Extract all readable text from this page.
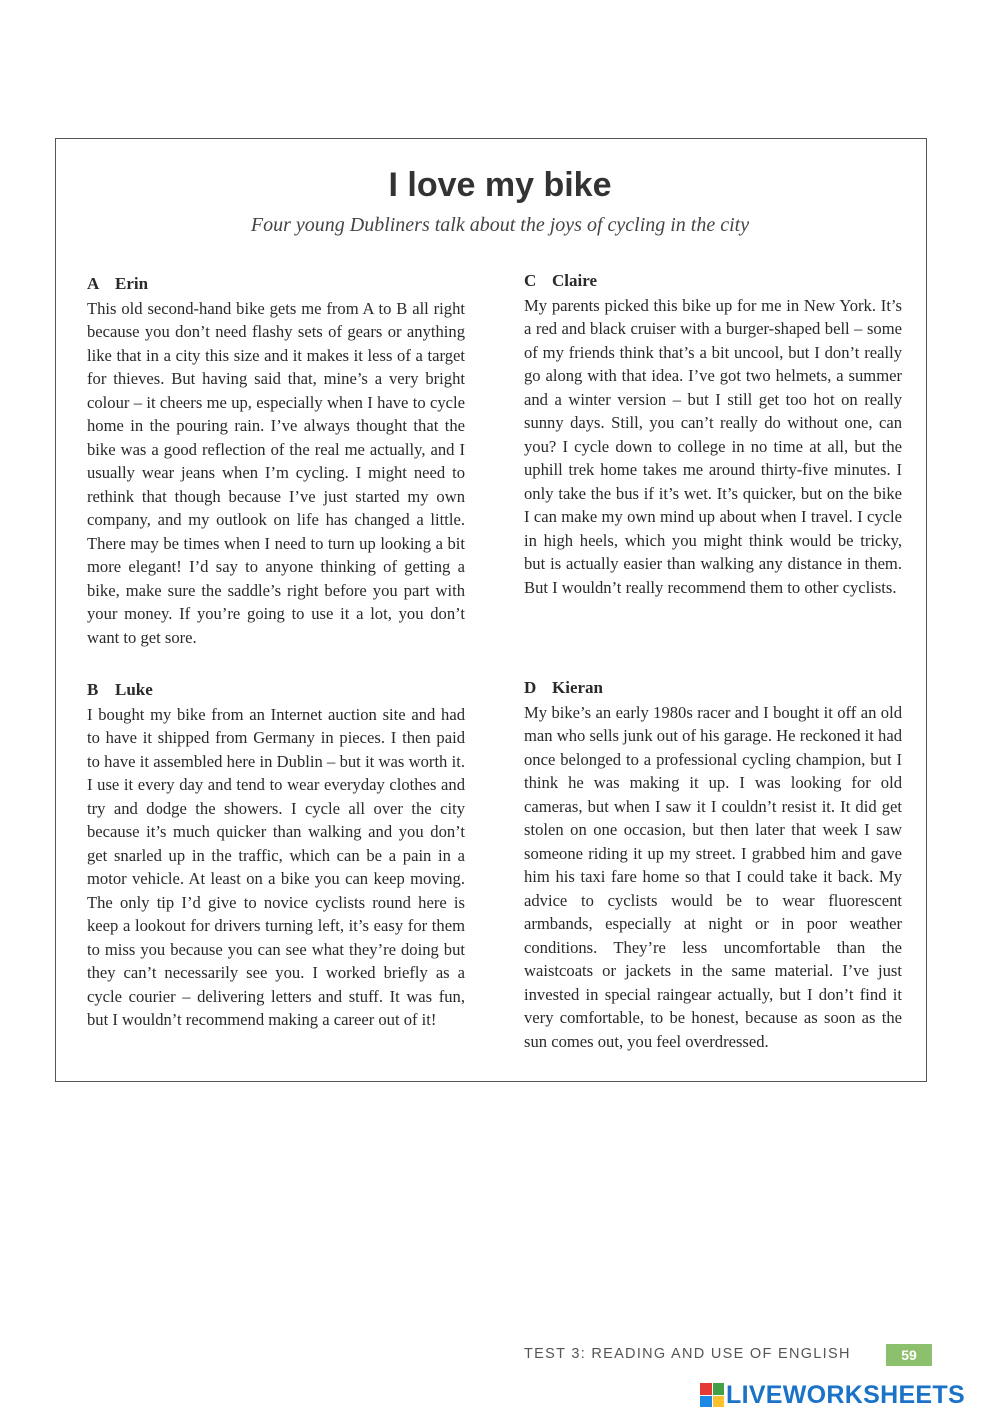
I love my bike
Four young Dubliners talk about the joys of cycling in the city
A Erin

This old second-hand bike gets me from A to B all right because you don’t need flashy sets of gears or anything like that in a city this size and it makes it less of a target for thieves. But having said that, mine’s a very bright colour – it cheers me up, especially when I have to cycle home in the pouring rain. I’ve always thought that the bike was a good reflection of the real me actually, and I usually wear jeans when I’m cycling. I might need to rethink that though because I’ve just started my own company, and my outlook on life has changed a little. There may be times when I need to turn up looking a bit more elegant! I’d say to anyone thinking of getting a bike, make sure the saddle’s right before you part with your money. If you’re going to use it a lot, you don’t want to get sore.

B Luke

I bought my bike from an Internet auction site and had to have it shipped from Germany in pieces. I then paid to have it assembled here in Dublin – but it was worth it. I use it every day and tend to wear everyday clothes and try and dodge the showers. I cycle all over the city because it’s much quicker than walking and you don’t get snarled up in the traffic, which can be a pain in a motor vehicle. At least on a bike you can keep moving. The only tip I’d give to novice cyclists round here is keep a lookout for drivers turning left, it’s easy for them to miss you because you can see what they’re doing but they can’t necessarily see you. I worked briefly as a cycle courier – delivering letters and stuff. It was fun, but I wouldn’t recommend making a career out of it!

C Claire

My parents picked this bike up for me in New York. It’s a red and black cruiser with a burger-shaped bell – some of my friends think that’s a bit uncool, but I don’t really go along with that idea. I’ve got two helmets, a summer and a winter version – but I still get too hot on really sunny days. Still, you can’t really do without one, can you? I cycle down to college in no time at all, but the uphill trek home takes me around thirty-five minutes. I only take the bus if it’s wet. It’s quicker, but on the bike I can make my own mind up about when I travel. I cycle in high heels, which you might think would be tricky, but is actually easier than walking any distance in them. But I wouldn’t really recommend them to other cyclists.

D Kieran

My bike’s an early 1980s racer and I bought it off an old man who sells junk out of his garage. He reckoned it had once belonged to a professional cycling champion, but I think he was making it up. I was looking for old cameras, but when I saw it I couldn’t resist it. It did get stolen on one occasion, but then later that week I saw someone riding it up my street. I grabbed him and gave him his taxi fare home so that I could take it back. My advice to cyclists would be to wear fluorescent armbands, especially at night or in poor weather conditions. They’re less uncomfortable than the waistcoats or jackets in the same material. I’ve just invested in special raingear actually, but I don’t find it very comfortable, to be honest, because as soon as the sun comes out, you feel overdressed.

TEST 3: READING AND USE OF ENGLISH	59
LIVEWORKSHEETS
